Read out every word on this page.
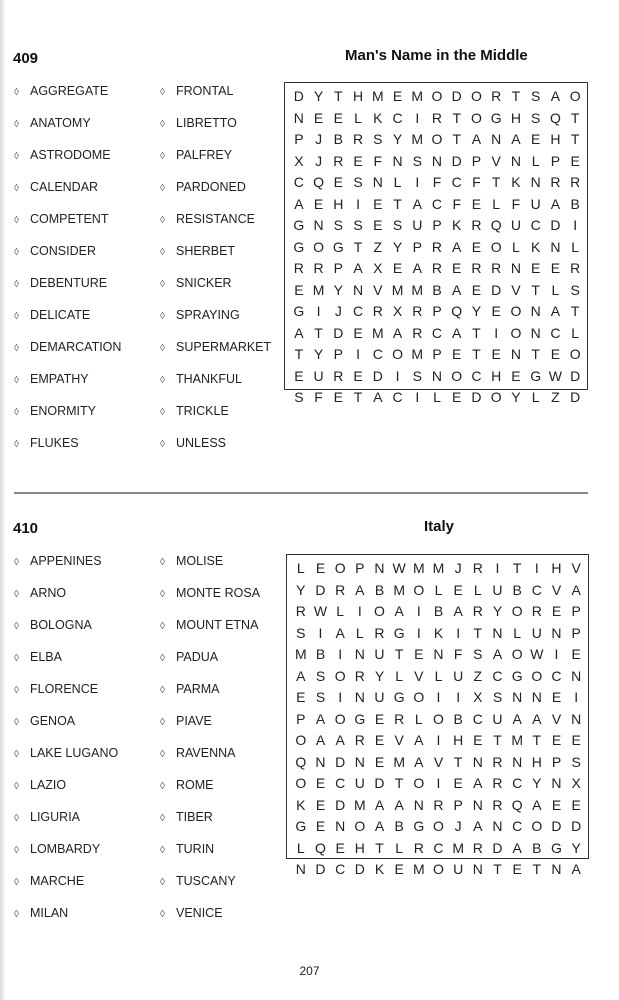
409	Man's Name in the Middle
◊ AGGREGATE
◊ ANATOMY
◊ ASTRODOME
◊ CALENDAR
◊ COMPETENT
◊ CONSIDER
◊ DEBENTURE
◊ DELICATE
◊ DEMARCATION
◊ EMPATHY
◊ ENORMITY
◊ FLUKES
◊ FRONTAL
◊ LIBRETTO
◊ PALFREY
◊ PARDONED
◊ RESISTANCE
◊ SHERBET
◊ SNICKER
◊ SPRAYING
◊ SUPERMARKET
◊ THANKFUL
◊ TRICKLE
◊ UNLESS
D Y T H M E M O D O R T S A O
N E E L K C I R T O G H S Q T
P J B R S Y M O T A N A E H T
X J R E F N S N D P V N L P E
C Q E S N L I F C F T K N R R
A E H I E T A C F E L F U A B
G N S S E S U P K R Q U C D I
G O G T Z Y P R A E O L K N L
R R P A X E A R E R R N E E R
E M Y N V M M B A E D V T L S
G I	J C R X R P Q Y E O N A T
A T D E M A R C A T I O N C L
T Y P I C O M P E T E N T E O
E U R E D I S N O C H E G W D
S F E T A C I L E D O Y L Z D
410	Italy
◊ APPENINES
◊ ARNO
◊ BOLOGNA
◊ ELBA
◊ FLORENCE
◊ GENOA
◊ LAKE LUGANO
◊ LAZIO
◊ LIGURIA
◊ LOMBARDY
◊ MARCHE
◊ MILAN
◊ MOLISE
◊ MONTE ROSA
◊ MOUNT ETNA
◊ PADUA
◊ PARMA
◊ PIAVE
◊ RAVENNA
◊ ROME
◊ TIBER
◊ TURIN
◊ TUSCANY
◊ VENICE
L E O P N W M M J R I T I H V
Y D R A B M O L E L U B C V A
R W L I O A I B A R Y O R E P
S I A L R G I K I T N L U N P
M B I N U T E N F S A O W I E
A S O R Y L V L U Z C G O C N
E S I N U G O I	I X S N N E I
P A O G E R L O B C U A A V N
O A A R E V A I H E T M T E E
Q N D N E M A V T N R N H P S
O E C U D T O I E A R C Y N X
K E D M A A N R P N R Q A E E
G E N O A B G O J A N C O D D
L Q E H T L R C M R D A B G Y
N D C D K E M O U N T E T N A
207
